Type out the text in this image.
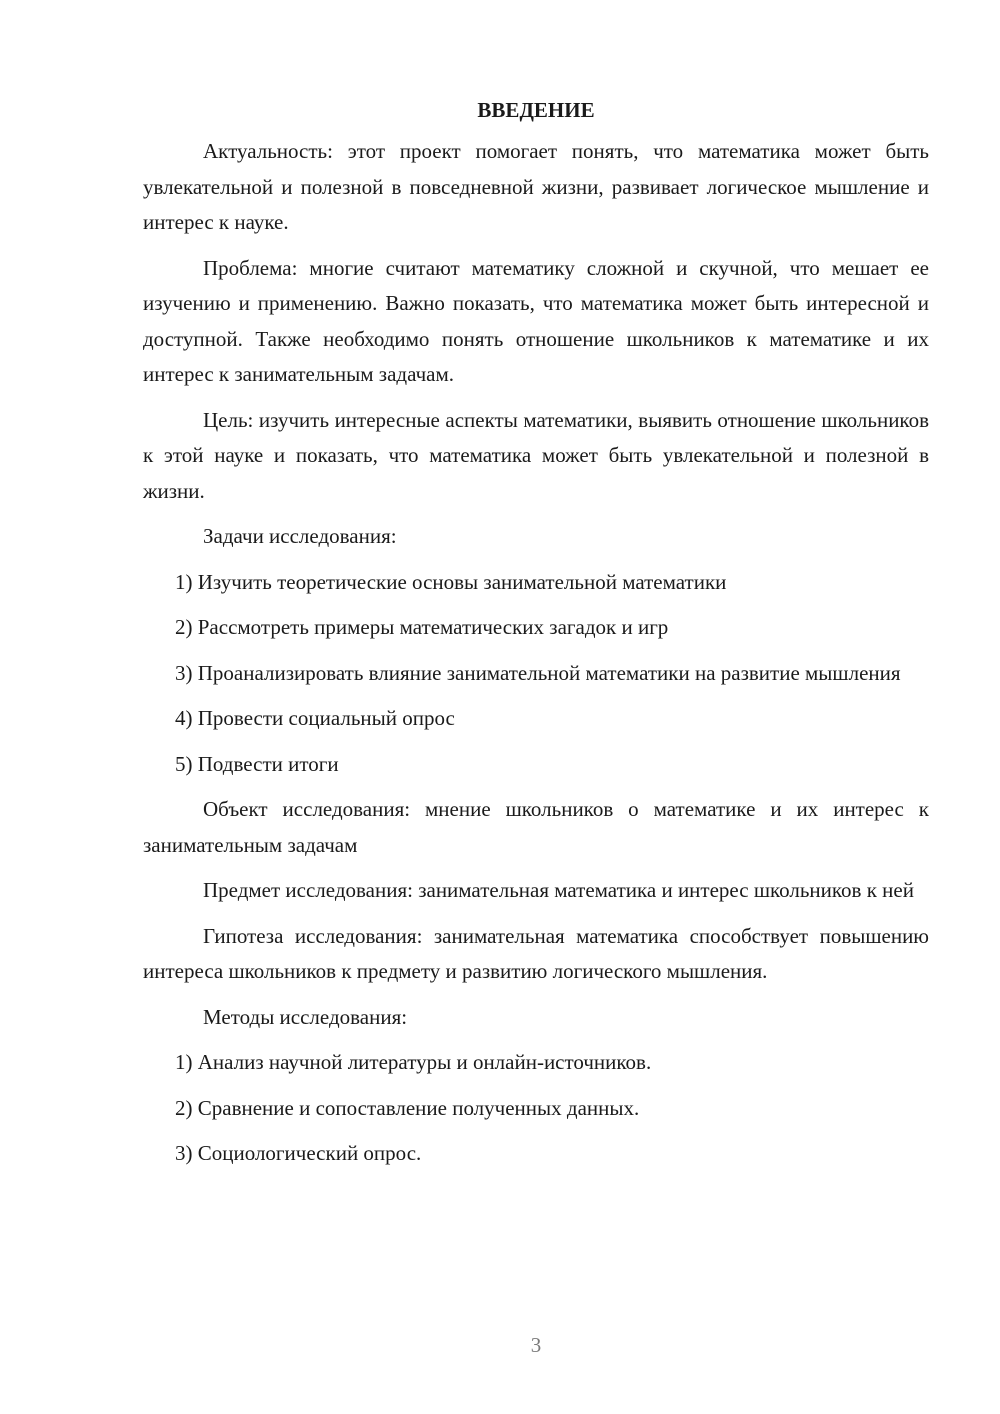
ВВЕДЕНИЕ

Актуальность: этот проект помогает понять, что математика может быть увлекательной и полезной в повседневной жизни, развивает логическое мышление и интерес к науке.

Проблема: многие считают математику сложной и скучной, что мешает ее изучению и применению. Важно показать, что математика может быть интересной и доступной. Также необходимо понять отношение школьников к математике и их интерес к занимательным задачам.

Цель: изучить интересные аспекты математики, выявить отношение школьников к этой науке и показать, что математика может быть увлекательной и полезной в жизни.

Задачи исследования:

1) Изучить теоретические основы занимательной математики

2) Рассмотреть примеры математических загадок и игр

3) Проанализировать влияние занимательной математики на развитие мышления

4) Провести социальный опрос

5) Подвести итоги

Объект исследования: мнение школьников о математике и их интерес к занимательным задачам

Предмет исследования: занимательная математика и интерес школьников к ней

Гипотеза исследования: занимательная математика способствует повышению интереса школьников к предмету и развитию логического мышления.

Методы исследования:

1) Анализ научной литературы и онлайн-источников.

2) Сравнение и сопоставление полученных данных.

3) Социологический опрос.

3
